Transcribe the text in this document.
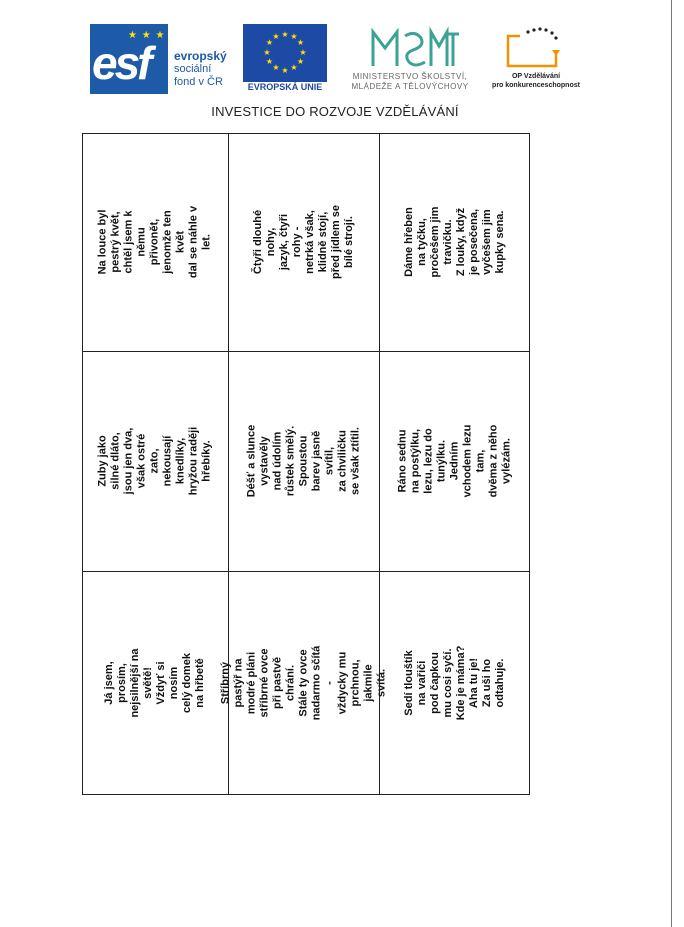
★ ★ ★
esf	evropský
sociální
fond v ČR
★ ★
★
★
★
★
★
★
★
★
★
★
EVROPSKÁ UNIE
MINISTERSTVO ŠKOLSTVÍ,
MLÁDEŽE A TĚLOVÝCHOVY
OP Vzdělávání
pro konkurenceschopnost
INVESTICE DO ROZVOJE VZDĚLÁVÁNÍ
Na louce byl pestrý květ,
chtěl jsem k němu přivonět,
jenomže ten květ
dal se náhle v let.
Čtyři dlouhé nohy,
jazyk, čtyři rohy -
netrká však, klidně stojí,
před jídlem se bílé strojí.
Dáme hřeben na tyčku,
pročešem jim travičku.
Z louky, když je posečena,
vyčešem jim kupky sena.
Zuby jako silné dláto,
jsou jen dva, však ostré zato,
nekousají knedlíky,
hryžou raději hřebíky.
Déšť a slunce vystavěly
nad údolím růstek smělý.
Spoustou barev jasně svítil,
za chviličku se však ztítil.
Ráno sednu na postýlku,
lezu, lezu do tunýlku.
Jedním vchodem lezu tam,
dvěma z něho vylézám.
Já jsem, prosím,
nejsilnější na světě!
Vždyť si nosím
celý domek na hřbetě Stříbrný pastýř na modré pláni
stříbrné ovce při pastvě chrání.
Stále ty ovce nadarmo sčítá -
vždycky mu prchnou, jakmile
svítá.
Sedí tlouštík na vařiči
pod čapkou mu cosi syčí.
Kde je máma? Aha tu je!
Za uši ho odtahuje.
